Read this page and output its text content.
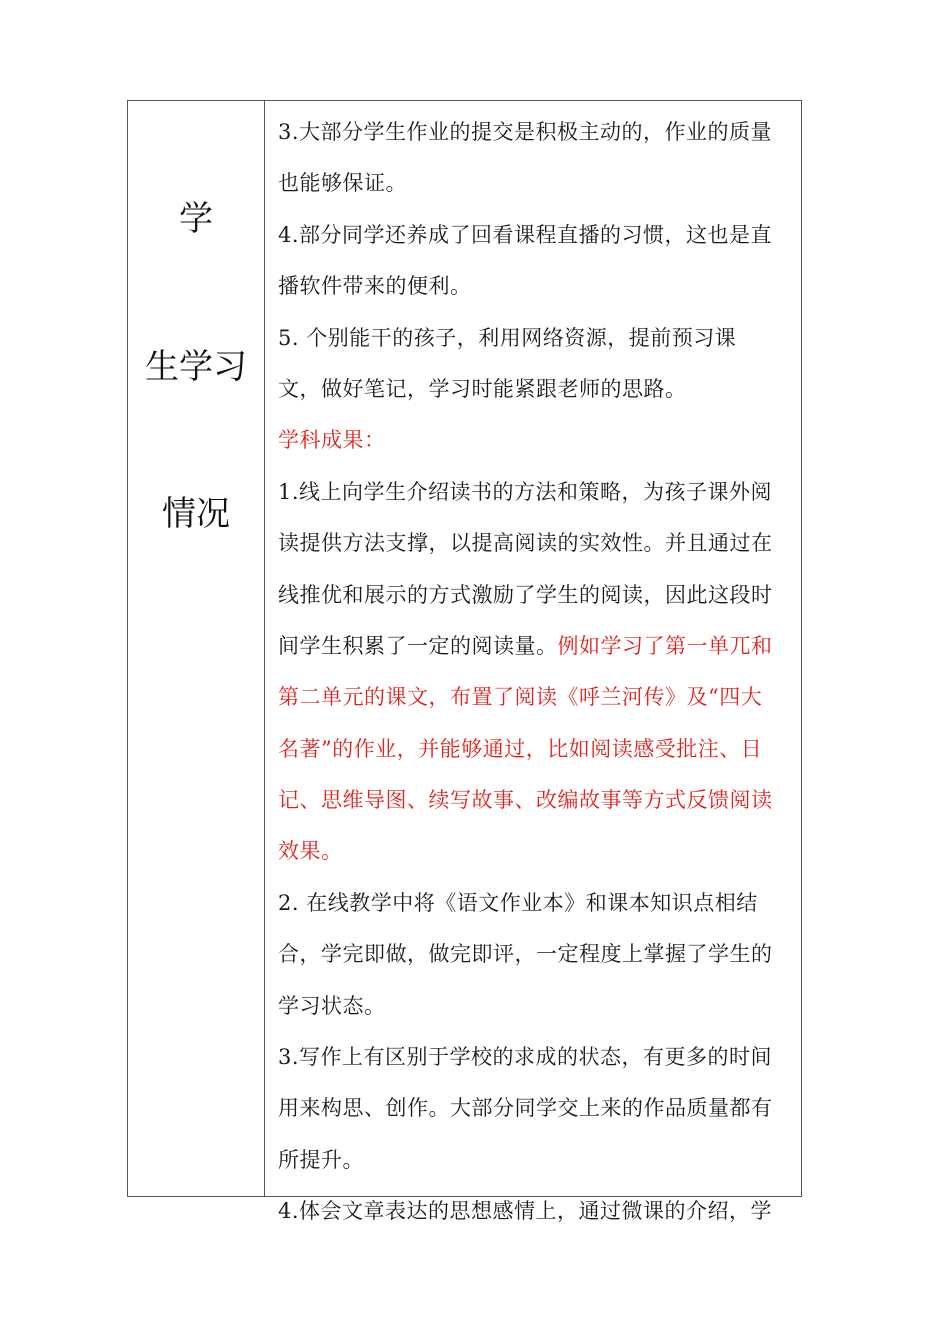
学
生学习
情况
3.大部分学生作业的提交是积极主动的，作业的质量
也能够保证。
4.部分同学还养成了回看课程直播的习惯，这也是直
播软件带来的便利。
5. 个别能干的孩子，利用网络资源，提前预习课
文，做好笔记，学习时能紧跟老师的思路。
学科成果：
1.线上向学生介绍读书的方法和策略，为孩子课外阅
读提供方法支撑，以提高阅读的实效性。并且通过在
线推优和展示的方式激励了学生的阅读，因此这段时
间学生积累了一定的阅读量。例如学习了第一单兀和
第二单元的课文，布置了阅读《呼兰河传》及“四大
名著”的作业，并能够通过，比如阅读感受批注、日
记、思维导图、续写故事、改编故事等方式反馈阅读
效果。
2. 在线教学中将《语文作业本》和课本知识点相结
合，学完即做，做完即评，一定程度上掌握了学生的
学习状态。
3.写作上有区别于学校的求成的状态，有更多的时间
用来构思、创作。大部分同学交上来的作品质量都有
所提升。
4.体会文章表达的思想感情上，通过微课的介绍，学
